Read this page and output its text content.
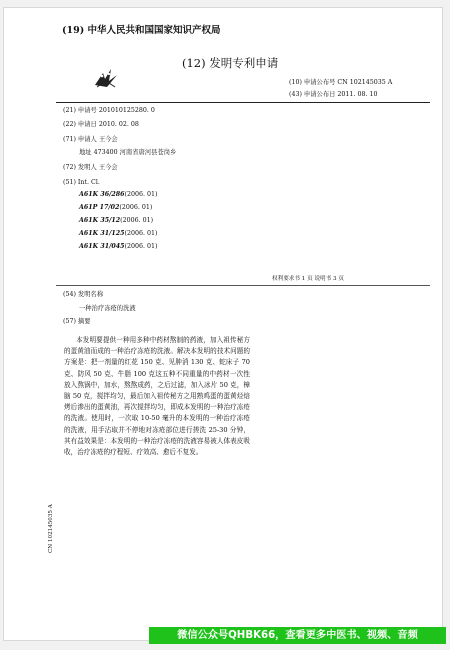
(19) 中华人民共和国国家知识产权局
(12) 发明专利申请
(10) 申请公布号 CN 102145035 A
(43) 申请公布日 2011. 08. 10
(21) 申请号 201010125280. 0
(22) 申请日 2010. 02. 08
(71) 申请人 王今会
地址 473400 河南省唐河县苍岗乡
(72) 发明人 王今会
(51) Int. Cl.
A61K 36/286(2006. 01)
A61P 17/02(2006. 01)
A61K 35/12(2006. 01)
A61K 31/125(2006. 01)
A61K 31/045(2006. 01)
权利要求书 1 页 说明书 3 页
(54) 发明名称
一种治疗冻疮的洗液
(57) 摘要
本发明要提供一种用多种中药材熬制的药液，加入祖传秘方的蛋黄油而成的一种治疗冻疮的洗液。解决本发明的技术问题的方案是：把一剂量的红花 150 克、见肿消 130 克、蛇床子 70 克、防风 50 克、牛脂 100 克这五种不同重量的中药材一次性放入熬锅中，加水，熬熬成药，之后过滤，加入冰片 50 克，樟脑 50 克，搅拌均匀，最后加入祖传秘方之用熟鸡蛋的蛋黄烃焙烤后渗出的蛋黄油，再次搅拌均匀，即成本发明的一种治疗冻疮的洗液。使用时，一次取 10-50 毫升的本发明的一种治疗冻疮的洗液，用手沾取并不停地对冻疮部位进行搓洗 25-30 分钟，其有益效果是：本发明的一种治疗冻疮的洗液容易被人体表皮吸收，治疗冻疮的疗程短、疗效高、愈后不复发。
CN 102145035 A
微信公众号QHBK66，查看更多中医书、视频、音频
